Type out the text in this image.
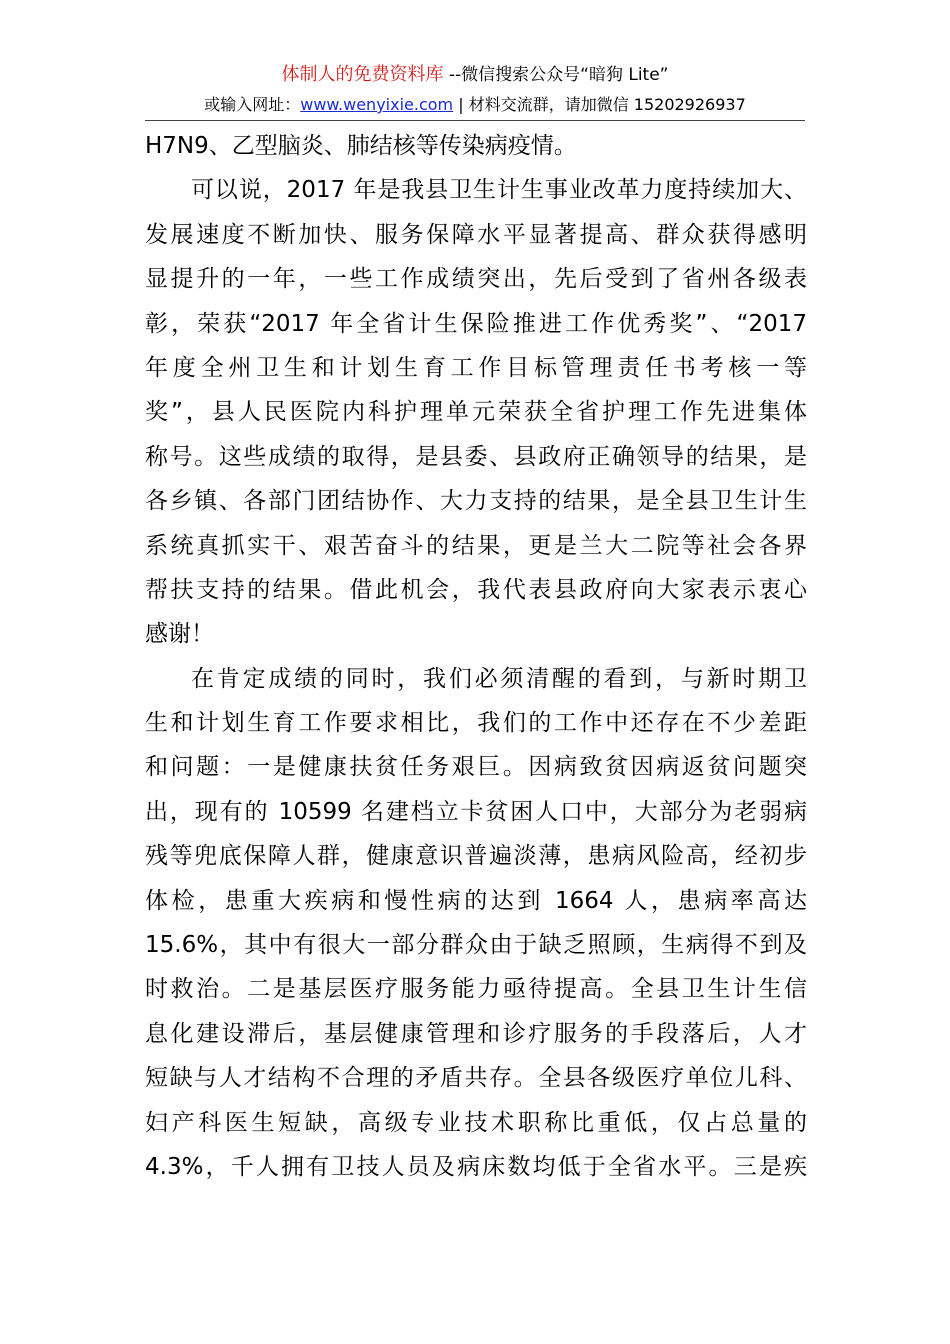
体制人的免费资料库 --微信搜索公众号“暗狗 Lite”
或输入网址：www.wenyixie.com | 材料交流群，请加微信 15202926937
H7N9、乙型脑炎、肺结核等传染病疫情。
可以说，2017 年是我县卫生计生事业改革力度持续加大、
发展速度不断加快、服务保障水平显著提高、群众获得感明
显提升的一年，一些工作成绩突出，先后受到了省州各级表
彰，荣获“2017 年全省计生保险推进工作优秀奖”、“2017
年度全州卫生和计划生育工作目标管理责任书考核一等
奖”，县人民医院内科护理单元荣获全省护理工作先进集体
称号。这些成绩的取得，是县委、县政府正确领导的结果，是
各乡镇、各部门团结协作、大力支持的结果，是全县卫生计生
系统真抓实干、艰苦奋斗的结果，更是兰大二院等社会各界
帮扶支持的结果。借此机会，我代表县政府向大家表示衷心
感谢！
在肯定成绩的同时，我们必须清醒的看到，与新时期卫
生和计划生育工作要求相比，我们的工作中还存在不少差距
和问题：一是健康扶贫任务艰巨。因病致贫因病返贫问题突
出，现有的 10599 名建档立卡贫困人口中，大部分为老弱病
残等兜底保障人群，健康意识普遍淡薄，患病风险高，经初步
体检，患重大疾病和慢性病的达到 1664 人，患病率高达
15.6%，其中有很大一部分群众由于缺乏照顾，生病得不到及
时救治。二是基层医疗服务能力亟待提高。全县卫生计生信
息化建设滞后，基层健康管理和诊疗服务的手段落后，人才
短缺与人才结构不合理的矛盾共存。全县各级医疗单位儿科、
妇产科医生短缺，高级专业技术职称比重低，仅占总量的
4.3%，千人拥有卫技人员及病床数均低于全省水平。三是疾
